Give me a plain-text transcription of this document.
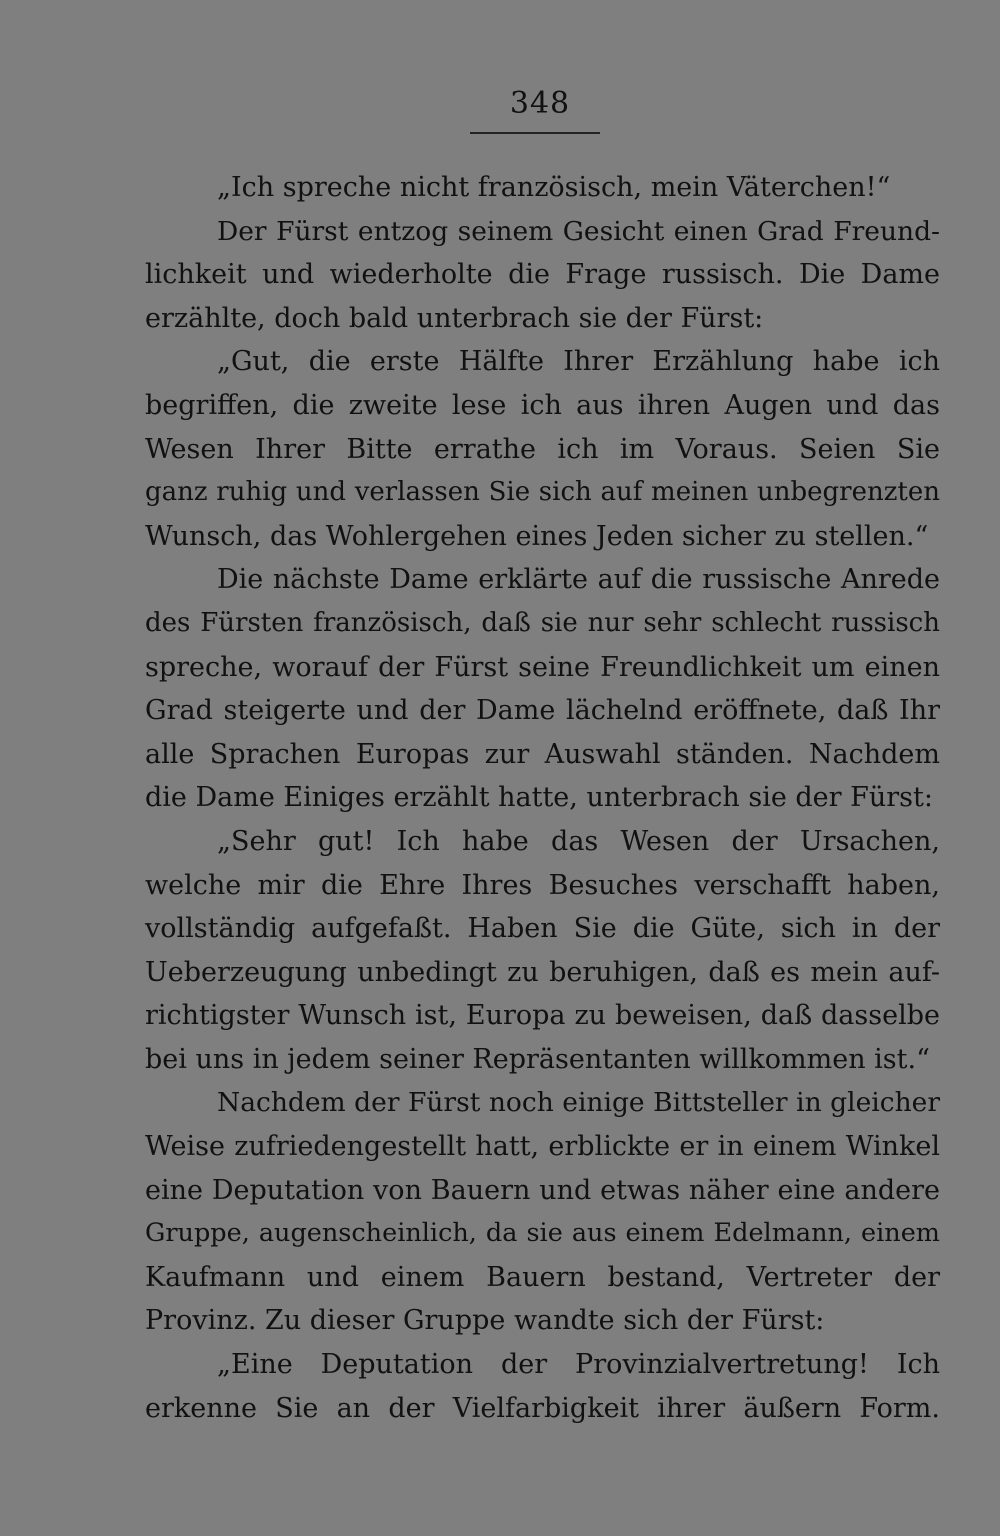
348
„Ich spreche nicht französisch, mein Väterchen!“
Der Fürst entzog seinem Gesicht einen Grad Freund-
lichkeit und wiederholte die Frage russisch. Die Dame
erzählte, doch bald unterbrach sie der Fürst:
„Gut, die erste Hälfte Ihrer Erzählung habe ich
begriffen, die zweite lese ich aus ihren Augen und das
Wesen Ihrer Bitte errathe ich im Voraus. Seien Sie
ganz ruhig und verlassen Sie sich auf meinen unbegrenzten
Wunsch, das Wohlergehen eines Jeden sicher zu stellen.“
Die nächste Dame erklärte auf die russische Anrede
des Fürsten französisch, daß sie nur sehr schlecht russisch
spreche, worauf der Fürst seine Freundlichkeit um einen
Grad steigerte und der Dame lächelnd eröffnete, daß Ihr
alle Sprachen Europas zur Auswahl ständen. Nachdem
die Dame Einiges erzählt hatte, unterbrach sie der Fürst:
„Sehr gut! Ich habe das Wesen der Ursachen,
welche mir die Ehre Ihres Besuches verschafft haben,
vollständig aufgefaßt. Haben Sie die Güte, sich in der
Ueberzeugung unbedingt zu beruhigen, daß es mein auf-
richtigster Wunsch ist, Europa zu beweisen, daß dasselbe
bei uns in jedem seiner Repräsentanten willkommen ist.“
Nachdem der Fürst noch einige Bittsteller in gleicher
Weise zufriedengestellt hatt, erblickte er in einem Winkel
eine Deputation von Bauern und etwas näher eine andere
Gruppe, augenscheinlich, da sie aus einem Edelmann, einem
Kaufmann und einem Bauern bestand, Vertreter der
Provinz. Zu dieser Gruppe wandte sich der Fürst:
„Eine Deputation der Provinzialvertretung! Ich
erkenne Sie an der Vielfarbigkeit ihrer äußern Form.
